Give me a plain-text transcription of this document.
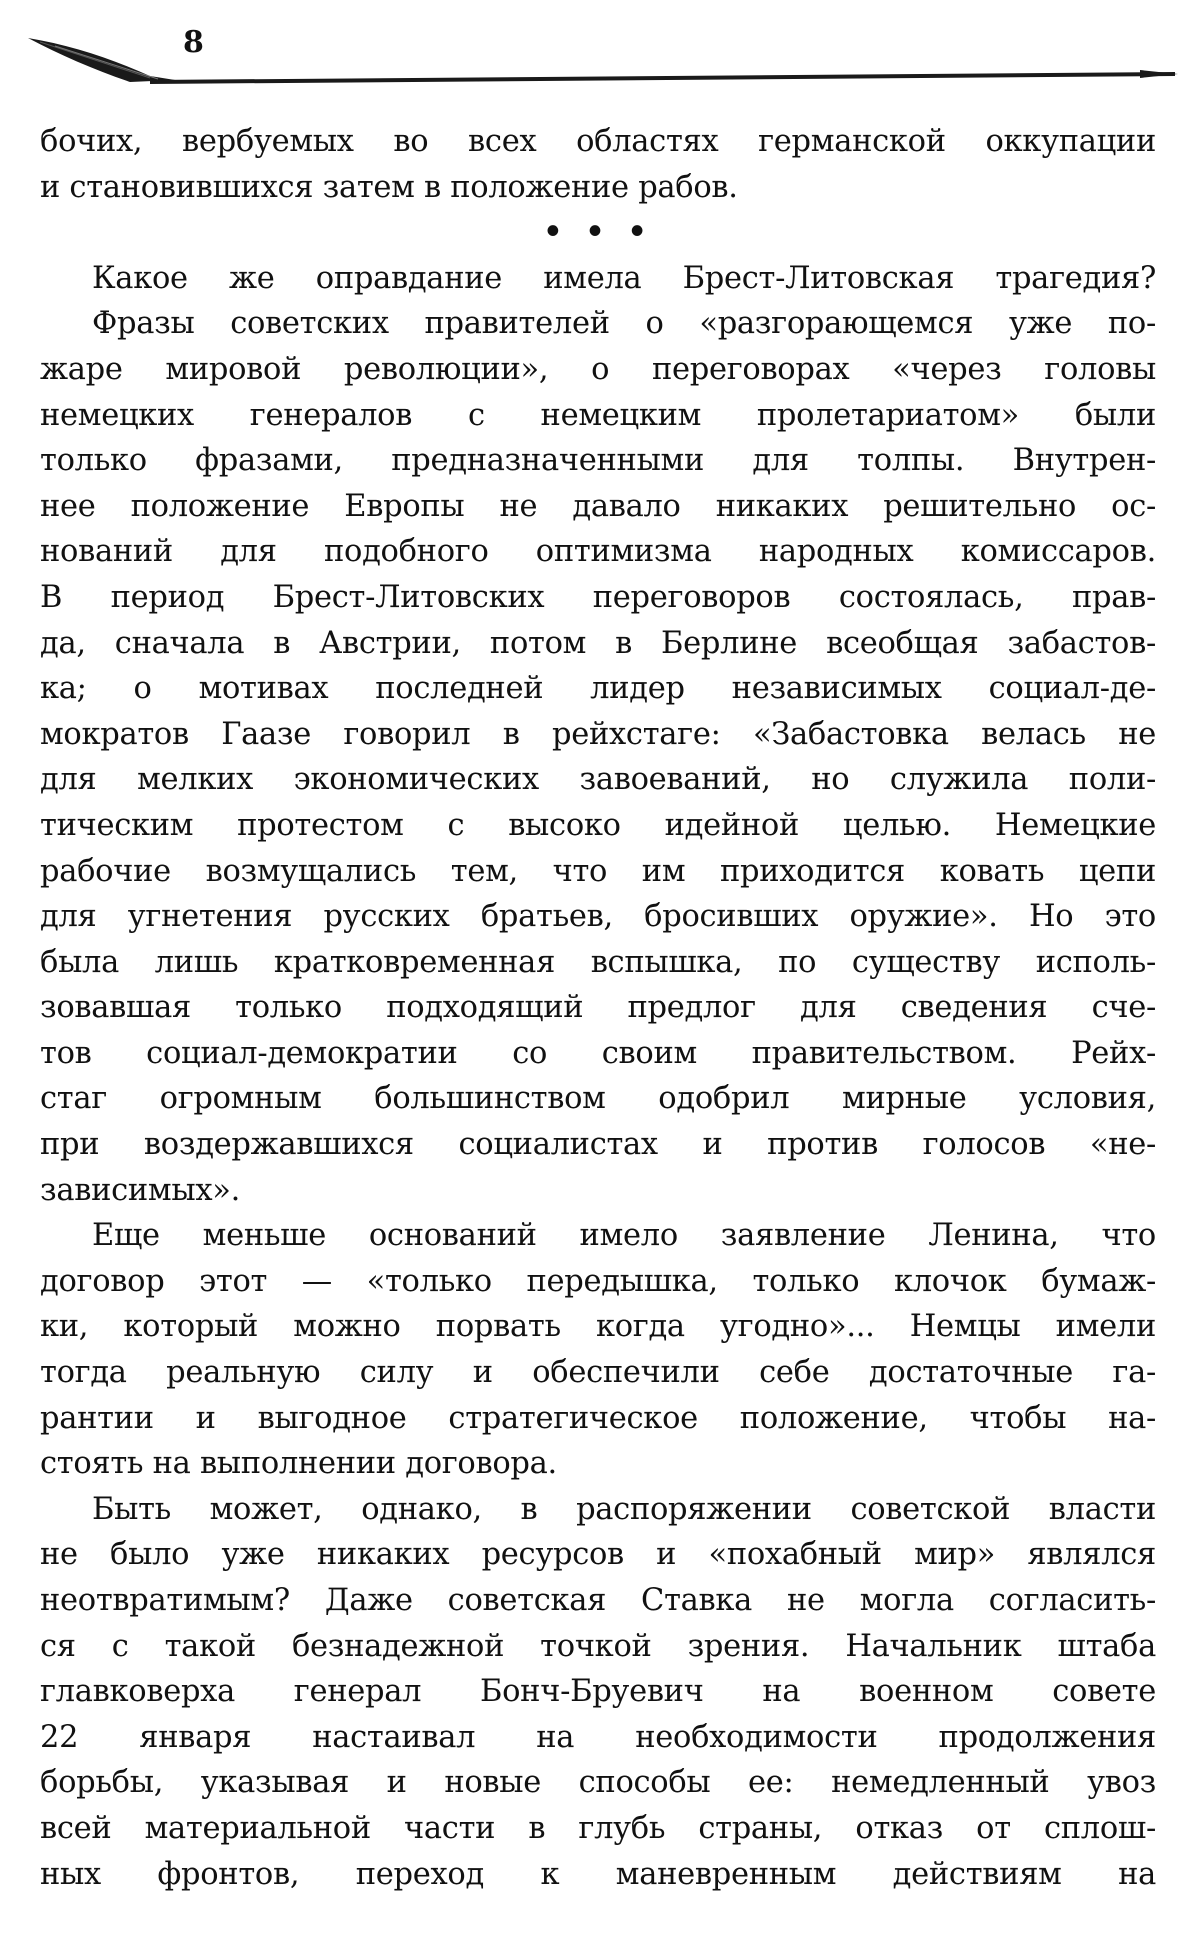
8
бочих, вербуемых во всех областях германской оккупации
и становившихся затем в положение рабов.
• • •
Какое же оправдание имела Брест-Литовская трагедия?
Фразы советских правителей о «разгорающемся уже по-
жаре мировой революции», о переговорах «через головы
немецких генералов с немецким пролетариатом» были
только фразами, предназначенными для толпы. Внутрен-
нее положение Европы не давало никаких решительно ос-
нований для подобного оптимизма народных комиссаров.
В период Брест-Литовских переговоров состоялась, прав-
да, сначала в Австрии, потом в Берлине всеобщая забастов-
ка; о мотивах последней лидер независимых социал-де-
мократов Гаазе говорил в рейхстаге: «Забастовка велась не
для мелких экономических завоеваний, но служила поли-
тическим протестом с высоко идейной целью. Немецкие
рабочие возмущались тем, что им приходится ковать цепи
для угнетения русских братьев, бросивших оружие». Но это
была лишь кратковременная вспышка, по существу исполь-
зовавшая только подходящий предлог для сведения сче-
тов социал-демократии со своим правительством. Рейх-
стаг огромным большинством одобрил мирные условия,
при воздержавшихся социалистах и против голосов «не-
зависимых».
Еще меньше оснований имело заявление Ленина, что
договор этот — «только передышка, только клочок бумаж-
ки, который можно порвать когда угодно»... Немцы имели
тогда реальную силу и обеспечили себе достаточные га-
рантии и выгодное стратегическое положение, чтобы на-
стоять на выполнении договора.
Быть может, однако, в распоряжении советской власти
не было уже никаких ресурсов и «похабный мир» являлся
неотвратимым? Даже советская Ставка не могла согласить-
ся с такой безнадежной точкой зрения. Начальник штаба
главковерха генерал Бонч-Бруевич на военном совете
22 января настаивал на необходимости продолжения
борьбы, указывая и новые способы ее: немедленный увоз
всей материальной части в глубь страны, отказ от сплош-
ных фронтов, переход к маневренным действиям на
